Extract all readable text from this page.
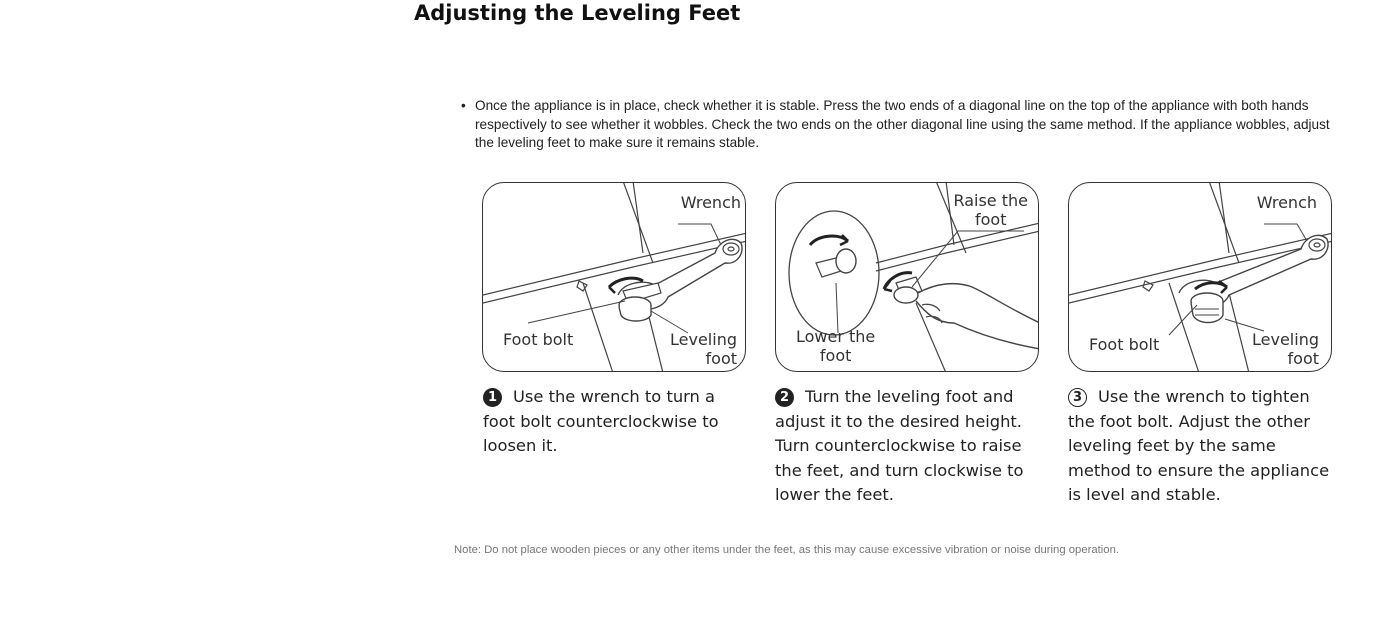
Adjusting the Leveling Feet
• Once the appliance is in place, check whether it is stable. Press the two ends of a diagonal line on the top of the appliance with both hands respectively to see whether it wobbles. Check the two ends on the other diagonal line using the same method. If the appliance wobbles, adjust the leveling feet to make sure it remains stable.
Wrench
Foot bolt	Leveling
foot
Raise the
foot
Lower the
foot
Wrench
Foot bolt	Leveling
foot
1 Use the wrench to turn a foot bolt counterclockwise to loosen it.
2 Turn the leveling foot and adjust it to the desired height. Turn counterclockwise to raise the feet, and turn clockwise to lower the feet.
3 Use the wrench to tighten the foot bolt. Adjust the other leveling feet by the same method to ensure the appliance is level and stable.
Note: Do not place wooden pieces or any other items under the feet, as this may cause excessive vibration or noise during operation.
